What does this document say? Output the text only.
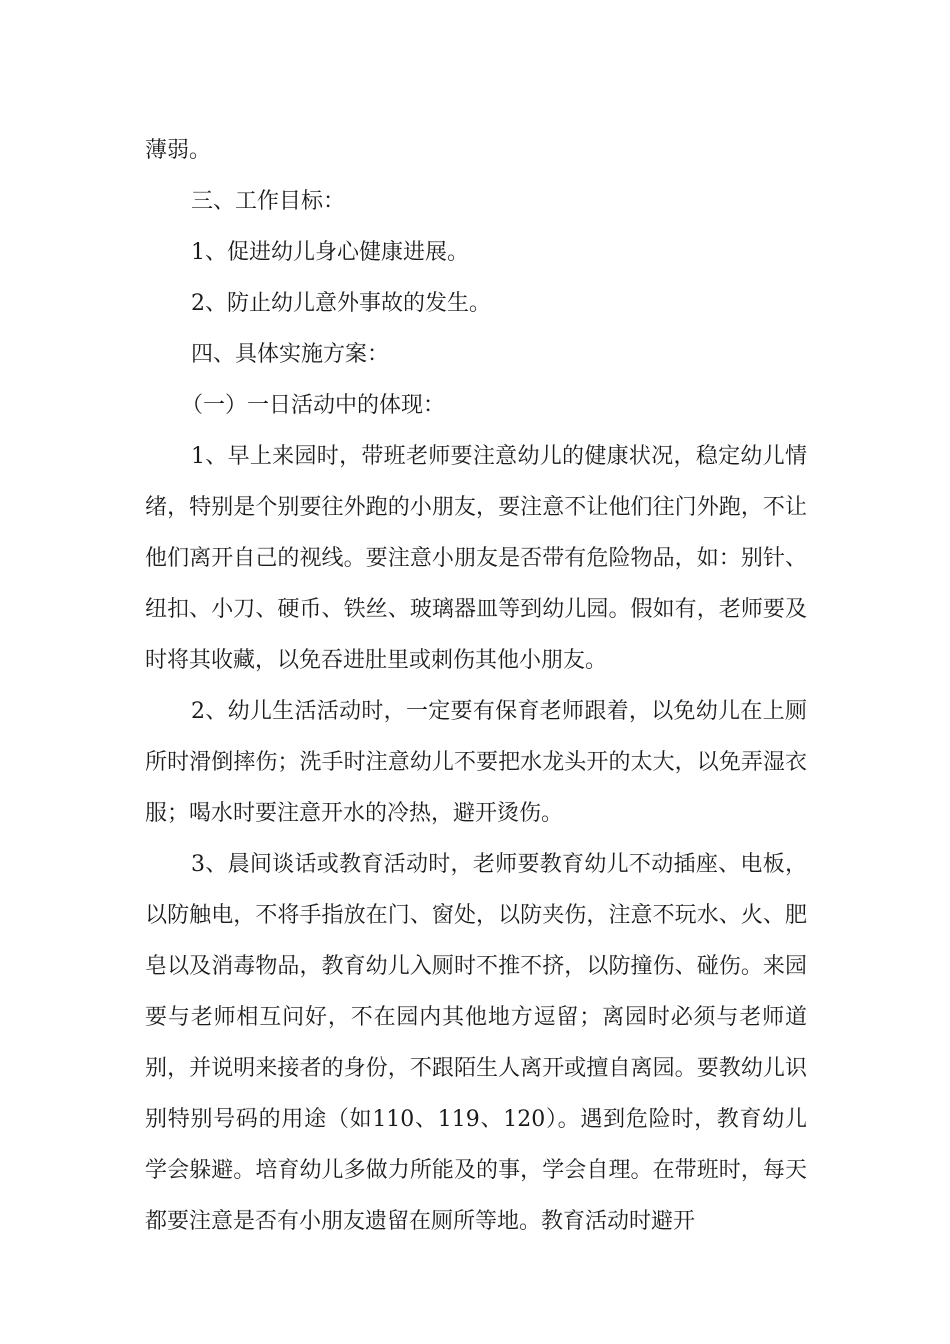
薄弱。

三、工作目标：

1、促进幼儿身心健康进展。

2、防止幼儿意外事故的发生。

四、具体实施方案：

（一）一日活动中的体现：

1、早上来园时，带班老师要注意幼儿的健康状况，稳定幼儿情绪，特别是个别要往外跑的小朋友，要注意不让他们往门外跑，不让他们离开自己的视线。要注意小朋友是否带有危险物品，如：别针、纽扣、小刀、硬币、铁丝、玻璃器皿等到幼儿园。假如有，老师要及时将其收藏，以免吞进肚里或刺伤其他小朋友。

2、幼儿生活活动时，一定要有保育老师跟着，以免幼儿在上厕所时滑倒摔伤；洗手时注意幼儿不要把水龙头开的太大，以免弄湿衣服；喝水时要注意开水的冷热，避开烫伤。

3、晨间谈话或教育活动时，老师要教育幼儿不动插座、电板，以防触电，不将手指放在门、窗处，以防夹伤，注意不玩水、火、肥皂以及消毒物品，教育幼儿入厕时不推不挤，以防撞伤、碰伤。来园要与老师相互问好，不在园内其他地方逗留；离园时必须与老师道别，并说明来接者的身份，不跟陌生人离开或擅自离园。要教幼儿识别特别号码的用途（如110、119、120）。遇到危险时，教育幼儿学会躲避。培育幼儿多做力所能及的事，学会自理。在带班时，每天都要注意是否有小朋友遗留在厕所等地。教育活动时避开
